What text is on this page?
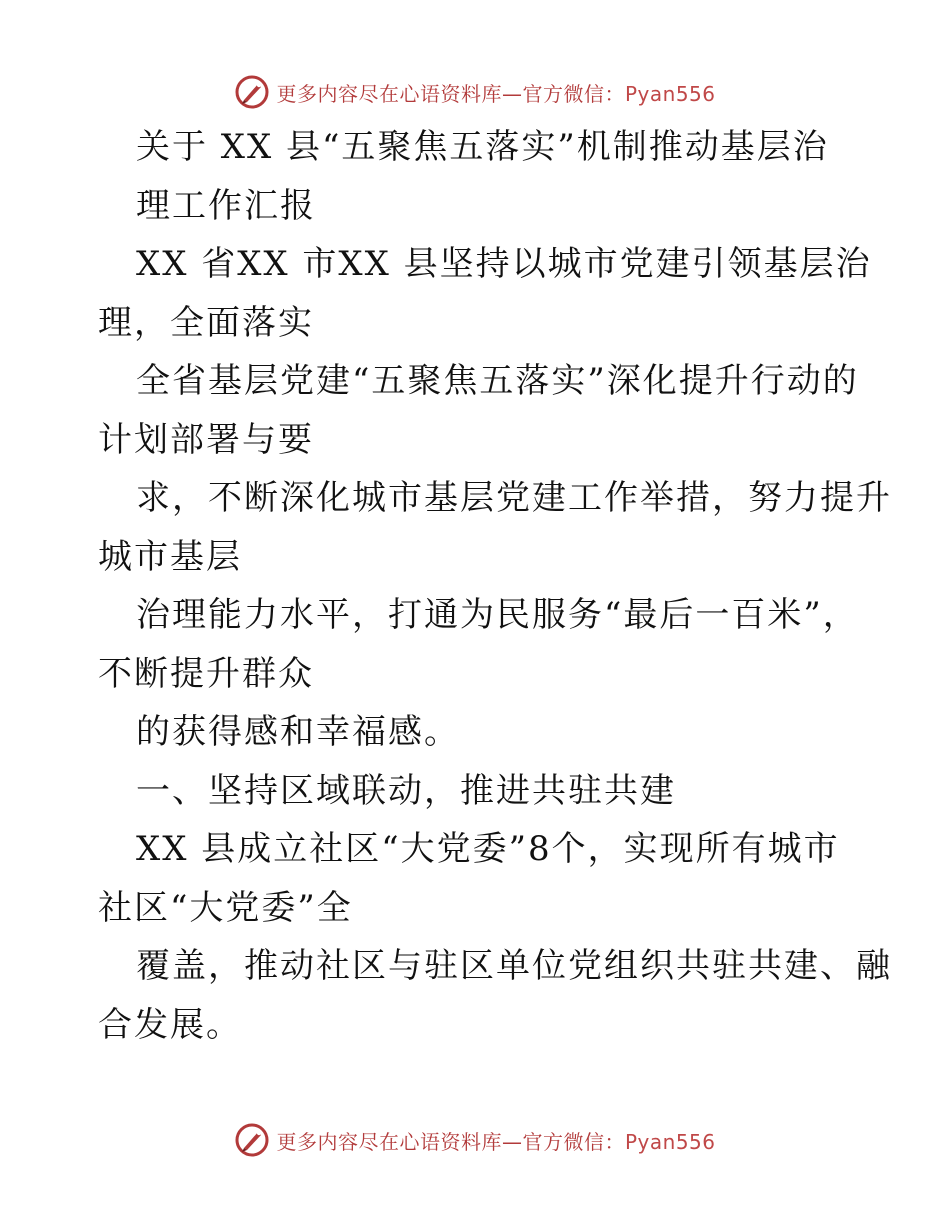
更多内容尽在心语资料库—官方微信：Pyan556
关于 XX 县“五聚焦五落实”机制推动基层治
理工作汇报
XX 省XX 市XX 县坚持以城市党建引领基层治
理，全面落实
全省基层党建“五聚焦五落实”深化提升行动的
计划部署与要
求，不断深化城市基层党建工作举措，努力提升
城市基层
治理能力水平，打通为民服务“最后一百米”，
不断提升群众
的获得感和幸福感。
一、坚持区域联动，推进共驻共建
XX 县成立社区“大党委”8个，实现所有城市
社区“大党委”全
覆盖，推动社区与驻区单位党组织共驻共建、融
合发展。
更多内容尽在心语资料库—官方微信：Pyan556
